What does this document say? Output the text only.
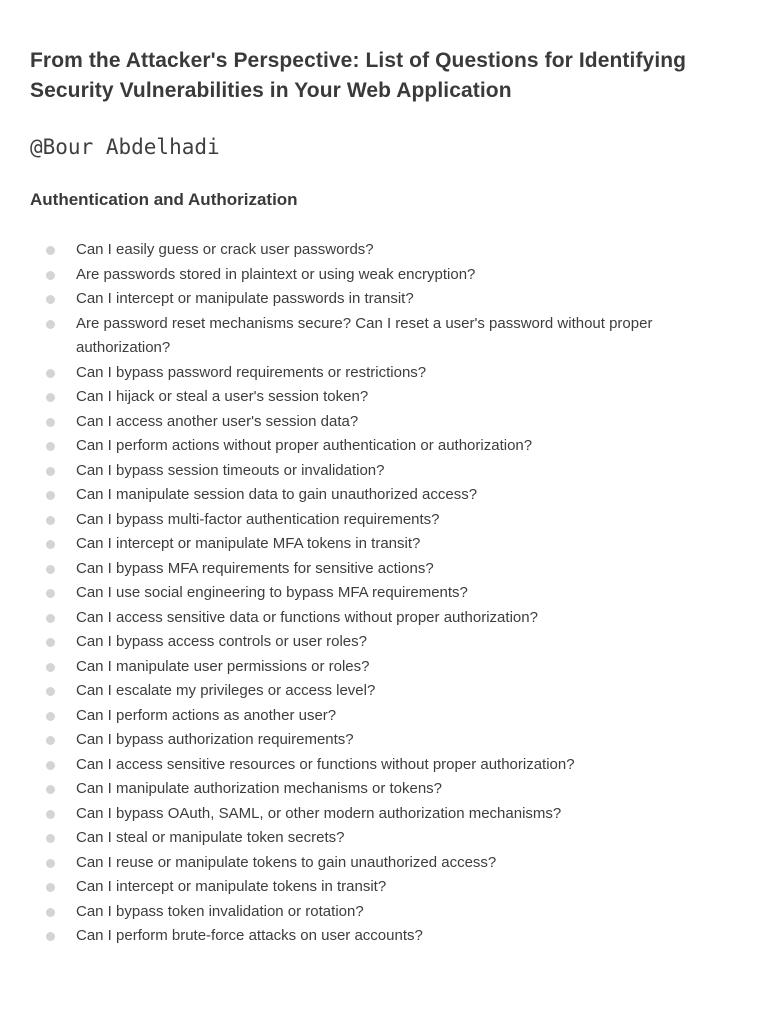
From the Attacker's Perspective: List of Questions for Identifying Security Vulnerabilities in Your Web Application
@Bour Abdelhadi
Authentication and Authorization
Can I easily guess or crack user passwords?
Are passwords stored in plaintext or using weak encryption?
Can I intercept or manipulate passwords in transit?
Are password reset mechanisms secure? Can I reset a user's password without proper authorization?
Can I bypass password requirements or restrictions?
Can I hijack or steal a user's session token?
Can I access another user's session data?
Can I perform actions without proper authentication or authorization?
Can I bypass session timeouts or invalidation?
Can I manipulate session data to gain unauthorized access?
Can I bypass multi-factor authentication requirements?
Can I intercept or manipulate MFA tokens in transit?
Can I bypass MFA requirements for sensitive actions?
Can I use social engineering to bypass MFA requirements?
Can I access sensitive data or functions without proper authorization?
Can I bypass access controls or user roles?
Can I manipulate user permissions or roles?
Can I escalate my privileges or access level?
Can I perform actions as another user?
Can I bypass authorization requirements?
Can I access sensitive resources or functions without proper authorization?
Can I manipulate authorization mechanisms or tokens?
Can I bypass OAuth, SAML, or other modern authorization mechanisms?
Can I steal or manipulate token secrets?
Can I reuse or manipulate tokens to gain unauthorized access?
Can I intercept or manipulate tokens in transit?
Can I bypass token invalidation or rotation?
Can I perform brute-force attacks on user accounts?
